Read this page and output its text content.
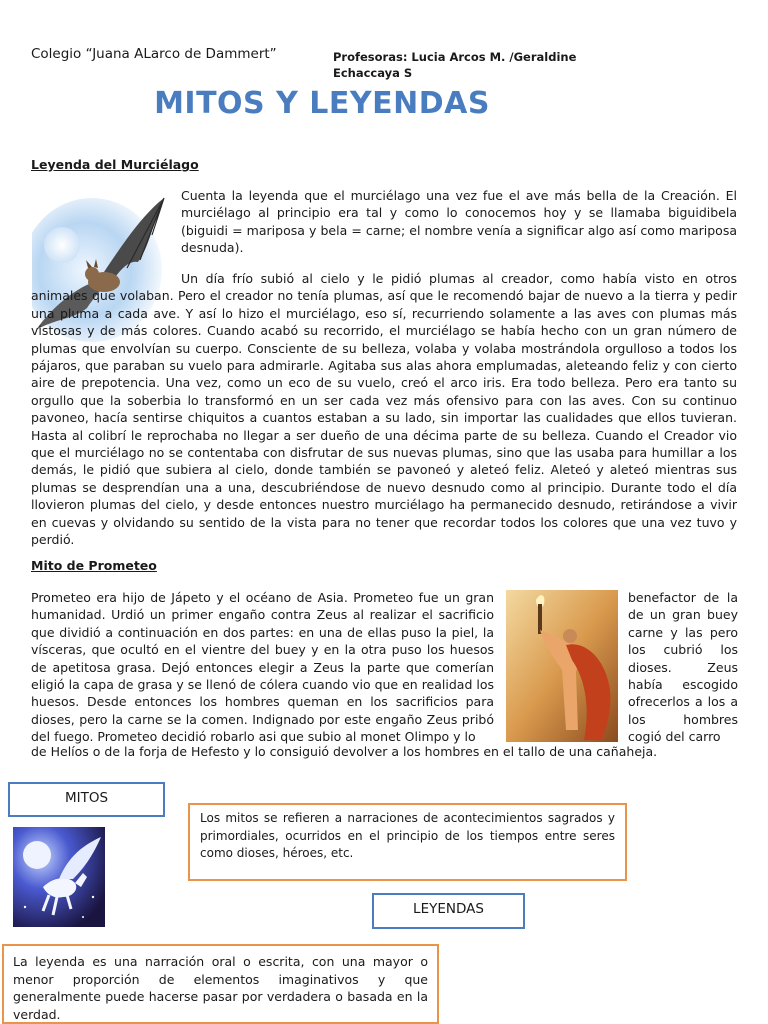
Colegio “Juana ALarco de Dammert”	Profesoras: Lucia Arcos M. /Geraldine Echaccaya S
MITOS Y LEYENDAS
Leyenda del Murciélago
Cuenta la leyenda que el murciélago una vez fue el ave más bella de la Creación. El murciélago al principio era tal y como lo conocemos hoy y se llamaba biguidibela (biguidi = mariposa y bela = carne; el nombre venía a significar algo así como mariposa desnuda).
Un día frío subió al cielo y le pidió plumas al creador, como había visto en otros animales que volaban. Pero el creador no tenía plumas, así que le recomendó bajar de nuevo a la tierra y pedir una pluma a cada ave. Y así lo hizo el murciélago, eso sí, recurriendo solamente a las aves con plumas más vistosas y de más colores. Cuando acabó su recorrido, el murciélago se había hecho con un gran número de plumas que envolvían su cuerpo. Consciente de su belleza, volaba y volaba mostrándola orgulloso a todos los pájaros, que paraban su vuelo para admirarle. Agitaba sus alas ahora emplumadas, aleteando feliz y con cierto aire de prepotencia. Una vez, como un eco de su vuelo, creó el arco iris. Era todo belleza. Pero era tanto su orgullo que la soberbia lo transformó en un ser cada vez más ofensivo para con las aves. Con su continuo pavoneo, hacía sentirse chiquitos a cuantos estaban a su lado, sin importar las cualidades que ellos tuvieran. Hasta al colibrí le reprochaba no llegar a ser dueño de una décima parte de su belleza. Cuando el Creador vio que el murciélago no se contentaba con disfrutar de sus nuevas plumas, sino que las usaba para humillar a los demás, le pidió que subiera al cielo, donde también se pavoneó y aleteó feliz. Aleteó y aleteó mientras sus plumas se desprendían una a una, descubriéndose de nuevo desnudo como al principio. Durante todo el día llovieron plumas del cielo, y desde entonces nuestro murciélago ha permanecido desnudo, retirándose a vivir en cuevas y olvidando su sentido de la vista para no tener que recordar todos los colores que una vez tuvo y perdió.
Mito de Prometeo
Prometeo era hijo de Jápeto y el océano de Asia. Prometeo fue un gran humanidad. Urdió un primer engaño contra Zeus al realizar el sacrificio que dividió a continuación en dos partes: en una de ellas puso la piel, la vísceras, que ocultó en el vientre del buey y en la otra puso los huesos de apetitosa grasa. Dejó entonces elegir a Zeus la parte que comerían eligió la capa de grasa y se llenó de cólera cuando vio que en realidad los huesos. Desde entonces los hombres queman en los sacrificios para dioses, pero la carne se la comen. Indignado por este engaño Zeus pribó del fuego. Prometeo decidió robarlo asi que subio al monet Olimpo y lo
benefactor de la de un gran buey carne y las pero los cubrió los dioses. Zeus había escogido ofrecerlos a los a los hombres cogió del carro
de Helíos o de la forja de Hefesto y lo consiguió devolver a los hombres en el tallo de una cañaheja.
MITOS
Los mitos se refieren a narraciones de acontecimientos sagrados y primordiales, ocurridos en el principio de los tiempos entre seres como dioses, héroes, etc.
LEYENDAS
La leyenda es una narración oral o escrita, con una mayor o menor proporción de elementos imaginativos y que generalmente puede hacerse pasar por verdadera o basada en la verdad.
